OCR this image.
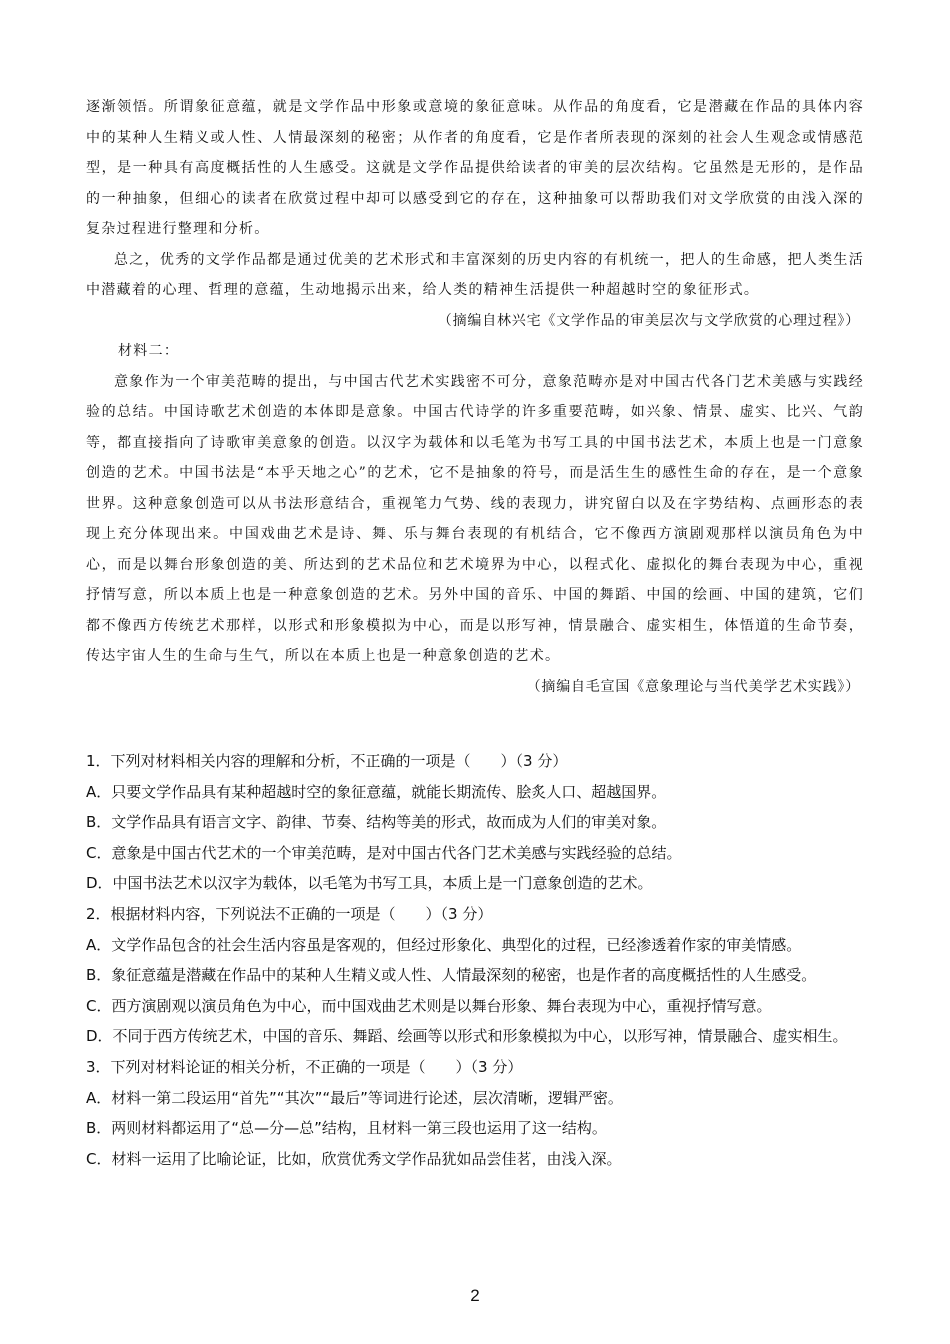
逐渐领悟。所谓象征意蕴，就是文学作品中形象或意境的象征意味。从作品的角度看，它是潜藏在作品的具体内容中的某种人生精义或人性、人情最深刻的秘密；从作者的角度看，它是作者所表现的深刻的社会人生观念或情感范型，是一种具有高度概括性的人生感受。这就是文学作品提供给读者的审美的层次结构。它虽然是无形的，是作品的一种抽象，但细心的读者在欣赏过程中却可以感受到它的存在，这种抽象可以帮助我们对文学欣赏的由浅入深的复杂过程进行整理和分析。

总之，优秀的文学作品都是通过优美的艺术形式和丰富深刻的历史内容的有机统一，把人的生命感，把人类生活中潜藏着的心理、哲理的意蕴，生动地揭示出来，给人类的精神生活提供一种超越时空的象征形式。

（摘编自林兴宅《文学作品的审美层次与文学欣赏的心理过程》）

材料二：

意象作为一个审美范畴的提出，与中国古代艺术实践密不可分，意象范畴亦是对中国古代各门艺术美感与实践经验的总结。中国诗歌艺术创造的本体即是意象。中国古代诗学的许多重要范畴，如兴象、情景、虚实、比兴、气韵等，都直接指向了诗歌审美意象的创造。以汉字为载体和以毛笔为书写工具的中国书法艺术，本质上也是一门意象创造的艺术。中国书法是“本乎天地之心”的艺术，它不是抽象的符号，而是活生生的感性生命的存在，是一个意象世界。这种意象创造可以从书法形意结合，重视笔力气势、线的表现力，讲究留白以及在字势结构、点画形态的表现上充分体现出来。中国戏曲艺术是诗、舞、乐与舞台表现的有机结合，它不像西方演剧观那样以演员角色为中心，而是以舞台形象创造的美、所达到的艺术品位和艺术境界为中心，以程式化、虚拟化的舞台表现为中心，重视抒情写意，所以本质上也是一种意象创造的艺术。另外中国的音乐、中国的舞蹈、中国的绘画、中国的建筑，它们都不像西方传统艺术那样，以形式和形象模拟为中心，而是以形写神，情景融合、虚实相生，体悟道的生命节奏，传达宇宙人生的生命与生气，所以在本质上也是一种意象创造的艺术。

（摘编自毛宣国《意象理论与当代美学艺术实践》）

1．下列对材料相关内容的理解和分析，不正确的一项是（　　）（3 分）

A．只要文学作品具有某种超越时空的象征意蕴，就能长期流传、脍炙人口、超越国界。

B．文学作品具有语言文字、韵律、节奏、结构等美的形式，故而成为人们的审美对象。

C．意象是中国古代艺术的一个审美范畴，是对中国古代各门艺术美感与实践经验的总结。

D．中国书法艺术以汉字为载体，以毛笔为书写工具，本质上是一门意象创造的艺术。

2．根据材料内容，下列说法不正确的一项是（　　）（3 分）

A．文学作品包含的社会生活内容虽是客观的，但经过形象化、典型化的过程，已经渗透着作家的审美情感。

B．象征意蕴是潜藏在作品中的某种人生精义或人性、人情最深刻的秘密，也是作者的高度概括性的人生感受。

C．西方演剧观以演员角色为中心，而中国戏曲艺术则是以舞台形象、舞台表现为中心，重视抒情写意。

D．不同于西方传统艺术，中国的音乐、舞蹈、绘画等以形式和形象模拟为中心，以形写神，情景融合、虚实相生。

3．下列对材料论证的相关分析，不正确的一项是（　　）（3 分）

A．材料一第二段运用“首先”“其次”“最后”等词进行论述，层次清晰，逻辑严密。

B．两则材料都运用了“总—分—总”结构，且材料一第三段也运用了这一结构。

C．材料一运用了比喻论证，比如，欣赏优秀文学作品犹如品尝佳茗，由浅入深。

2
